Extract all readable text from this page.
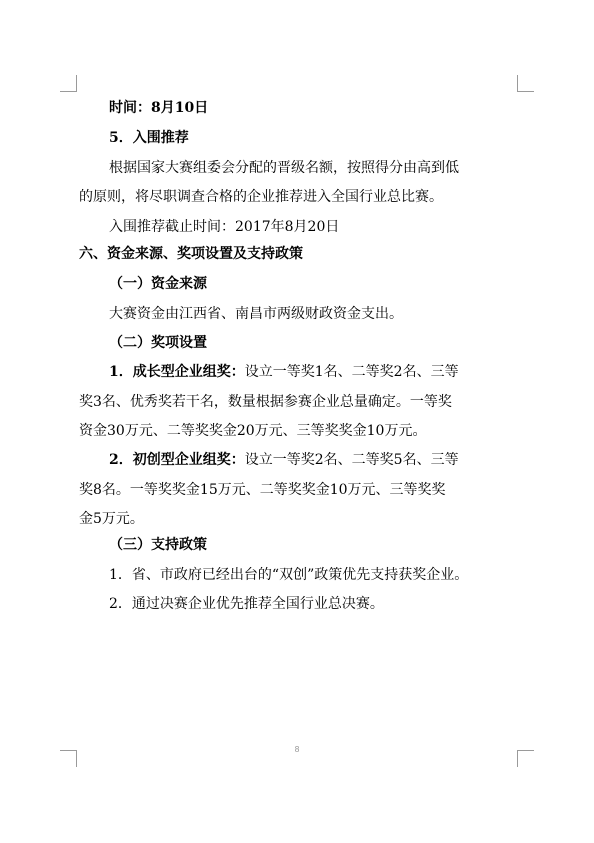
时间：8月10日
5．入围推荐
根据国家大赛组委会分配的晋级名额，按照得分由高到低
的原则，将尽职调查合格的企业推荐进入全国行业总比赛。
入围推荐截止时间：2017年8月20日
六、资金来源、奖项设置及支持政策
（一）资金来源
大赛资金由江西省、南昌市两级财政资金支出。
（二）奖项设置
1．成长型企业组奖：设立一等奖1名、二等奖2名、三等
奖3名、优秀奖若干名，数量根据参赛企业总量确定。一等奖
资金30万元、二等奖奖金20万元、三等奖奖金10万元。
2．初创型企业组奖：设立一等奖2名、二等奖5名、三等
奖8名。一等奖奖金15万元、二等奖奖金10万元、三等奖奖
金5万元。
（三）支持政策
1．省、市政府已经出台的“双创”政策优先支持获奖企业。
2．通过决赛企业优先推荐全国行业总决赛。
8
